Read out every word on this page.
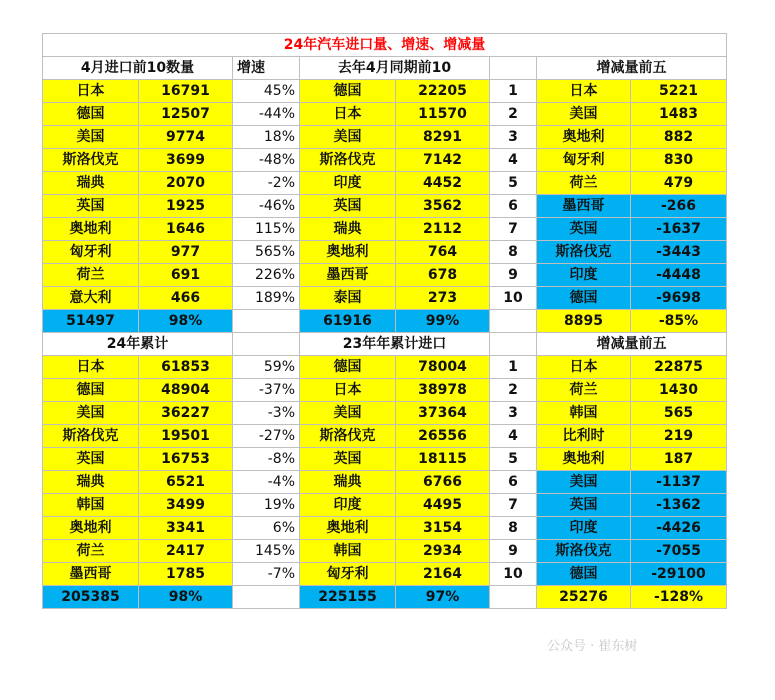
24年汽车进口量、增速、增减量							
4月进口前10数量		增速	去年4月同期前10			增减量前五	
日本	16791	45%	德国	22205	1	日本	5221
德国	12507	-44%	日本	11570	2	美国	1483
美国	9774	18%	美国	8291	3	奥地利	882
斯洛伐克	3699	-48%	斯洛伐克	7142	4	匈牙利	830
瑞典	2070	-2%	印度	4452	5	荷兰	479
英国	1925	-46%	英国	3562	6	墨西哥	-266
奥地利	1646	115%	瑞典	2112	7	英国	-1637
匈牙利	977	565%	奥地利	764	8	斯洛伐克	-3443
荷兰	691	226%	墨西哥	678	9	印度	-4448
意大利	466	189%	泰国	273	10	德国	-9698
51497	98%		61916	99%		8895	-85%
24年累计			23年年累计进口			增减量前五	
日本	61853	59%	德国	78004	1	日本	22875
德国	48904	-37%	日本	38978	2	荷兰	1430
美国	36227	-3%	美国	37364	3	韩国	565
斯洛伐克	19501	-27%	斯洛伐克	26556	4	比利时	219
英国	16753	-8%	英国	18115	5	奥地利	187
瑞典	6521	-4%	瑞典	6766	6	美国	-1137
韩国	3499	19%	印度	4495	7	英国	-1362
奥地利	3341	6%	奥地利	3154	8	印度	-4426
荷兰	2417	145%	韩国	2934	9	斯洛伐克	-7055
墨西哥	1785	-7%	匈牙利	2164	10	德国	-29100
205385	98%		225155	97%		25276	-128%
公众号 · 崔东树
